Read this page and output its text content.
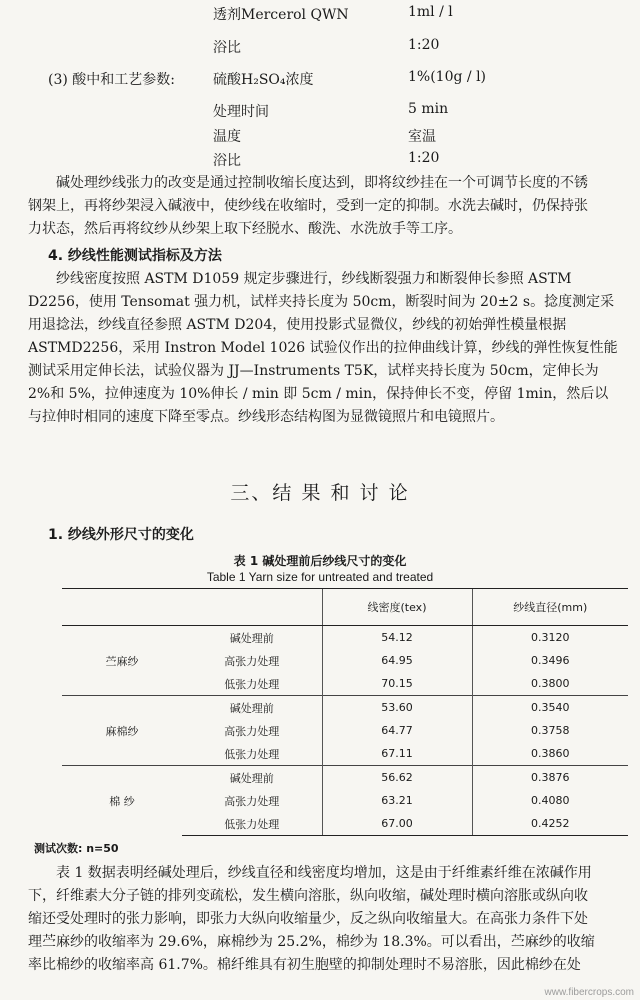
透剂Mercerol QWN	1ml / l
浴比	1:20
(3) 酸中和工艺参数:	硫酸H₂SO₄浓度	1%(10g / l)
处理时间	5 min
温度	室温
浴比	1:20
碱处理纱线张力的改变是通过控制收缩长度达到，即将纹纱挂在一个可调节长度的不锈
钢架上，再将纱架浸入碱液中，使纱线在收缩时，受到一定的抑制。水洗去碱时，仍保持张
力状态，然后再将纹纱从纱架上取下经脱水、酸洗、水洗放手等工序。
4. 纱线性能测试指标及方法
纱线密度按照 ASTM D1059 规定步骤进行，纱线断裂强力和断裂伸长参照 ASTM
D2256，使用 Tensomat 强力机，试样夹持长度为 50cm，断裂时间为 20±2 s。捻度测定采
用退捻法，纱线直径参照 ASTM D204，使用投影式显微仪，纱线的初始弹性模量根据
ASTMD2256，采用 Instron Model 1026 试验仪作出的拉伸曲线计算，纱线的弹性恢复性能
测试采用定伸长法，试验仪器为 JJ—Instruments T5K，试样夹持长度为 50cm，定伸长为
2%和 5%，拉伸速度为 10%伸长 / min 即 5cm / min，保持伸长不变，停留 1min，然后以
与拉伸时相同的速度下降至零点。纱线形态结构图为显微镜照片和电镜照片。
三、结 果 和 讨 论
1. 纱线外形尺寸的变化
表 1 碱处理前后纱线尺寸的变化
Table 1 Yarn size for untreated and treated
		线密度(tex)	纱线直径(mm)
苎麻纱	碱处理前	54.12	0.3120
	高张力处理	64.95	0.3496
	低张力处理	70.15	0.3800
麻棉纱	碱处理前	53.60	0.3540
	高张力处理	64.77	0.3758
	低张力处理	67.11	0.3860
棉 纱	碱处理前	56.62	0.3876
	高张力处理	63.21	0.4080
	低张力处理	67.00	0.4252
测试次数: n=50
表 1 数据表明经碱处理后，纱线直径和线密度均增加，这是由于纤维素纤维在浓碱作用
下，纤维素大分子链的排列变疏松，发生横向溶胀，纵向收缩，碱处理时横向溶胀或纵向收
缩还受处理时的张力影响，即张力大纵向收缩量少，反之纵向收缩量大。在高张力条件下处
理苎麻纱的收缩率为 29.6%，麻棉纱为 25.2%，棉纱为 18.3%。可以看出，苎麻纱的收缩
率比棉纱的收缩率高 61.7%。棉纤维具有初生胞壁的抑制处理时不易溶胀，因此棉纱在处
www.fibercrops.com
